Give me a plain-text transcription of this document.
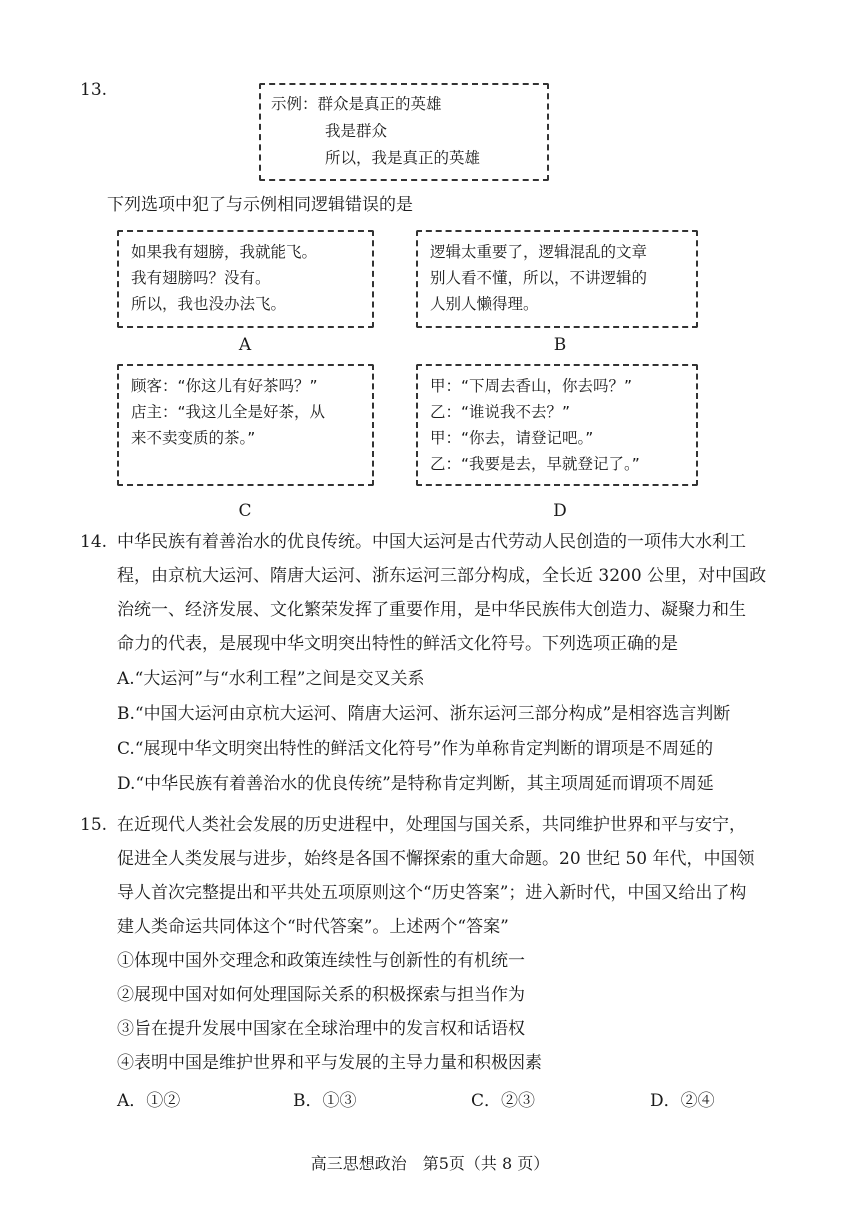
13.
示例：群众是真正的英雄
我是群众
所以，我是真正的英雄
下列选项中犯了与示例相同逻辑错误的是
如果我有翅膀，我就能飞。
我有翅膀吗？没有。
所以，我也没办法飞。
A
逻辑太重要了，逻辑混乱的文章
别人看不懂，所以，不讲逻辑的
人别人懒得理。
B
顾客：“你这儿有好茶吗？”
店主：“我这儿全是好茶，从
来不卖变质的茶。”
C
甲：“下周去香山，你去吗？”
乙：“谁说我不去？”
甲：“你去，请登记吧。”
乙：“我要是去，早就登记了。”
D
14. 中华民族有着善治水的优良传统。中国大运河是古代劳动人民创造的一项伟大水利工
程，由京杭大运河、隋唐大运河、浙东运河三部分构成，全长近 3200 公里，对中国政
治统一、经济发展、文化繁荣发挥了重要作用，是中华民族伟大创造力、凝聚力和生
命力的代表，是展现中华文明突出特性的鲜活文化符号。下列选项正确的是
A.“大运河”与“水利工程”之间是交叉关系
B.“中国大运河由京杭大运河、隋唐大运河、浙东运河三部分构成”是相容选言判断
C.“展现中华文明突出特性的鲜活文化符号”作为单称肯定判断的谓项是不周延的
D.“中华民族有着善治水的优良传统”是特称肯定判断，其主项周延而谓项不周延
15. 在近现代人类社会发展的历史进程中，处理国与国关系，共同维护世界和平与安宁，
促进全人类发展与进步，始终是各国不懈探索的重大命题。20 世纪 50 年代，中国领
导人首次完整提出和平共处五项原则这个“历史答案”；进入新时代，中国又给出了构
建人类命运共同体这个“时代答案”。上述两个“答案”
①体现中国外交理念和政策连续性与创新性的有机统一
②展现中国对如何处理国际关系的积极探索与担当作为
③旨在提升发展中国家在全球治理中的发言权和话语权
④表明中国是维护世界和平与发展的主导力量和积极因素
A．①②	B．①③	C．②③	D．②④
高三思想政治　第5页（共 8 页）
